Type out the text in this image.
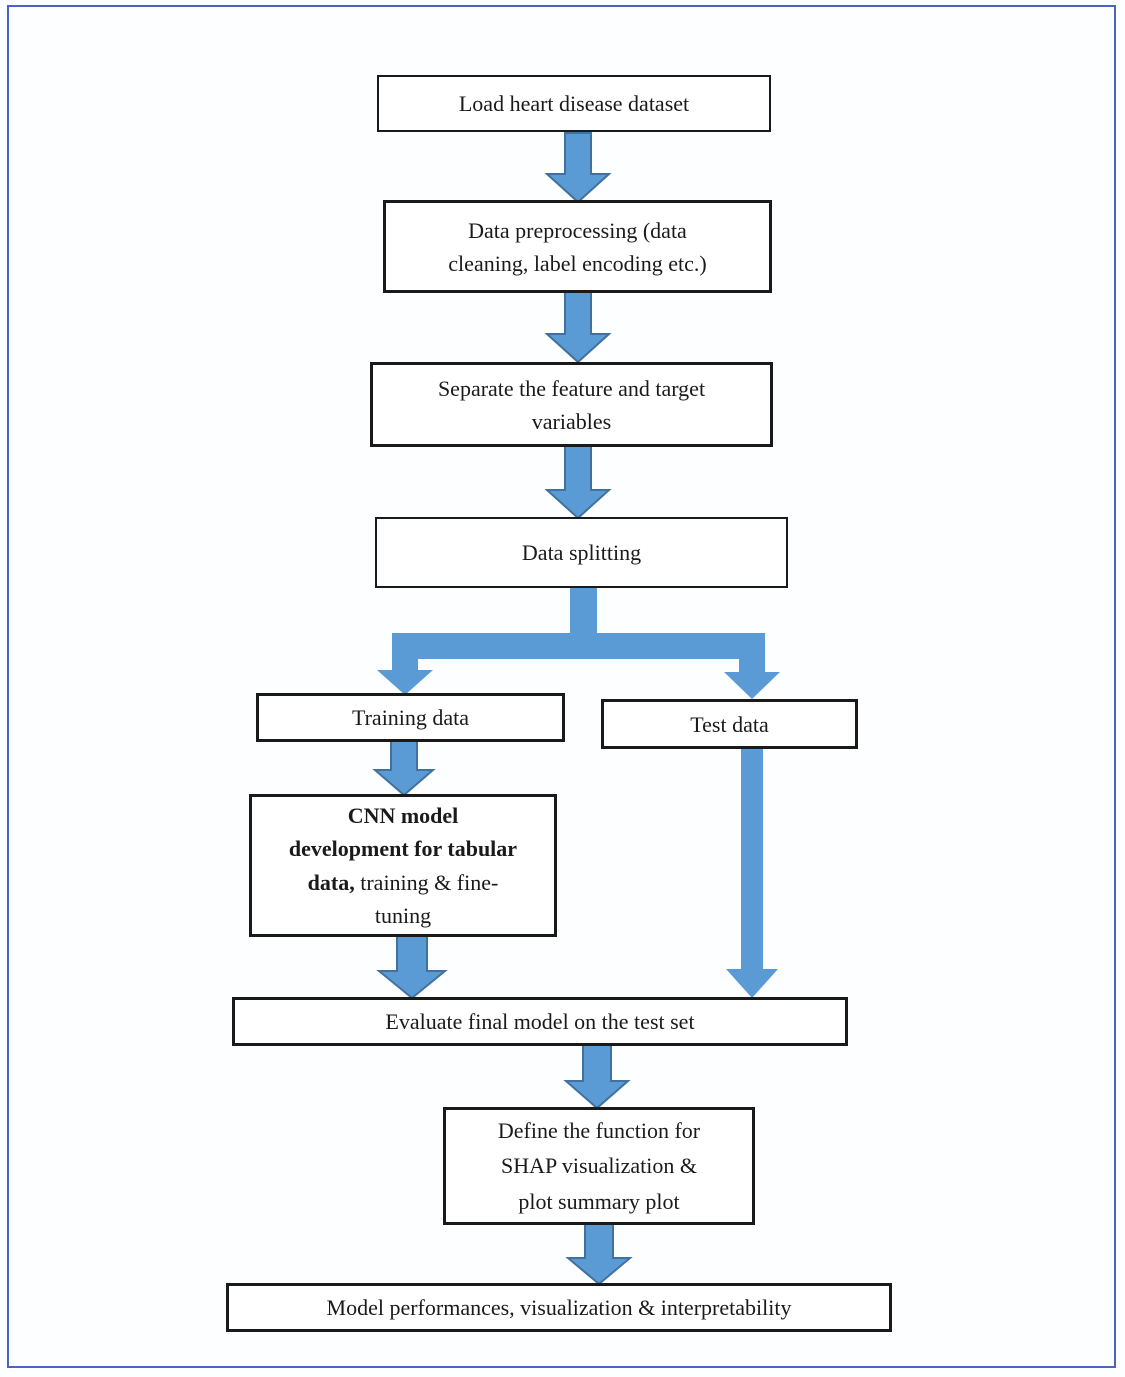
Load heart disease dataset
Data preprocessing (data
cleaning, label encoding etc.)
Separate the feature and target
variables
Data splitting
Training data	Test data
CNN model
development for tabular
data, training & fine-
tuning
Evaluate final model on the test set
Define the function for
SHAP visualization &
plot summary plot
Model performances, visualization & interpretability
